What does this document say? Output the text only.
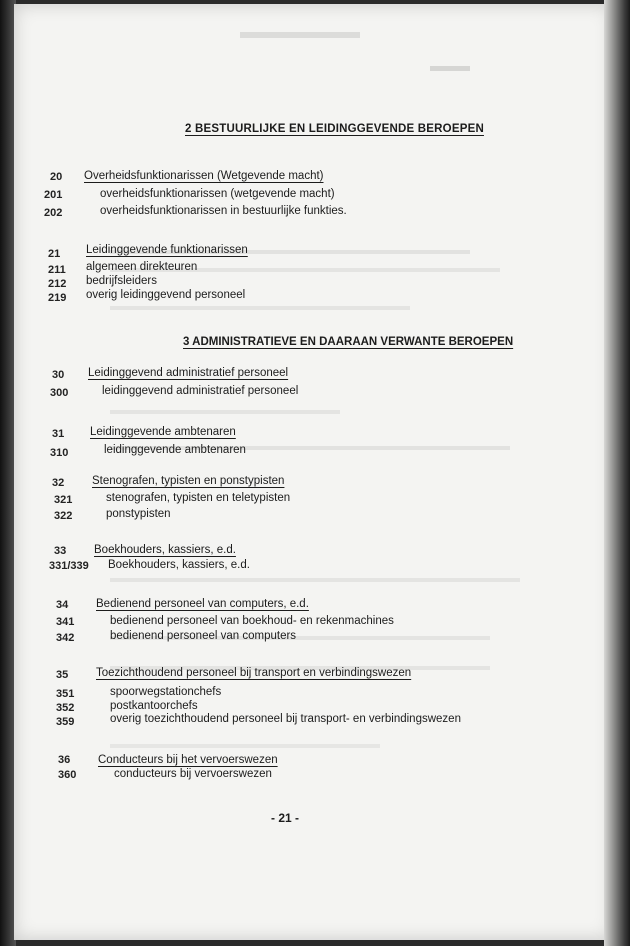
2 BESTUURLIJKE EN LEIDINGGEVENDE BEROEPEN
20 Overheidsfunktionarissen (Wetgevende macht)
201	overheidsfunktionarissen (wetgevende macht)
202	overheidsfunktionarissen in bestuurlijke funkties.
21 Leidinggevende funktionarissen
211 algemeen direkteuren
212 bedrijfsleiders
219 overig leidinggevend personeel
3 ADMINISTRATIEVE EN DAARAAN VERWANTE BEROEPEN
30 Leidinggevend administratief personeel
300	leidinggevend administratief personeel
31 Leidinggevende ambtenaren
310	leidinggevende ambtenaren
32 Stenografen, typisten en ponstypisten
321	stenografen, typisten en teletypisten
322	ponstypisten
33 Boekhouders, kassiers, e.d.
331/339 Boekhouders, kassiers, e.d.
34 Bedienend personeel van computers, e.d.
341	bedienend personeel van boekhoud- en rekenmachines
342	bedienend personeel van computers
35 Toezichthoudend personeel bij transport en verbindingswezen
351	spoorwegstationchefs
352	postkantoorchefs
359	overig toezichthoudend personeel bij transport- en verbindingswezen
36 Conducteurs bij het vervoerswezen
360	conducteurs bij vervoerswezen
- 21 -
